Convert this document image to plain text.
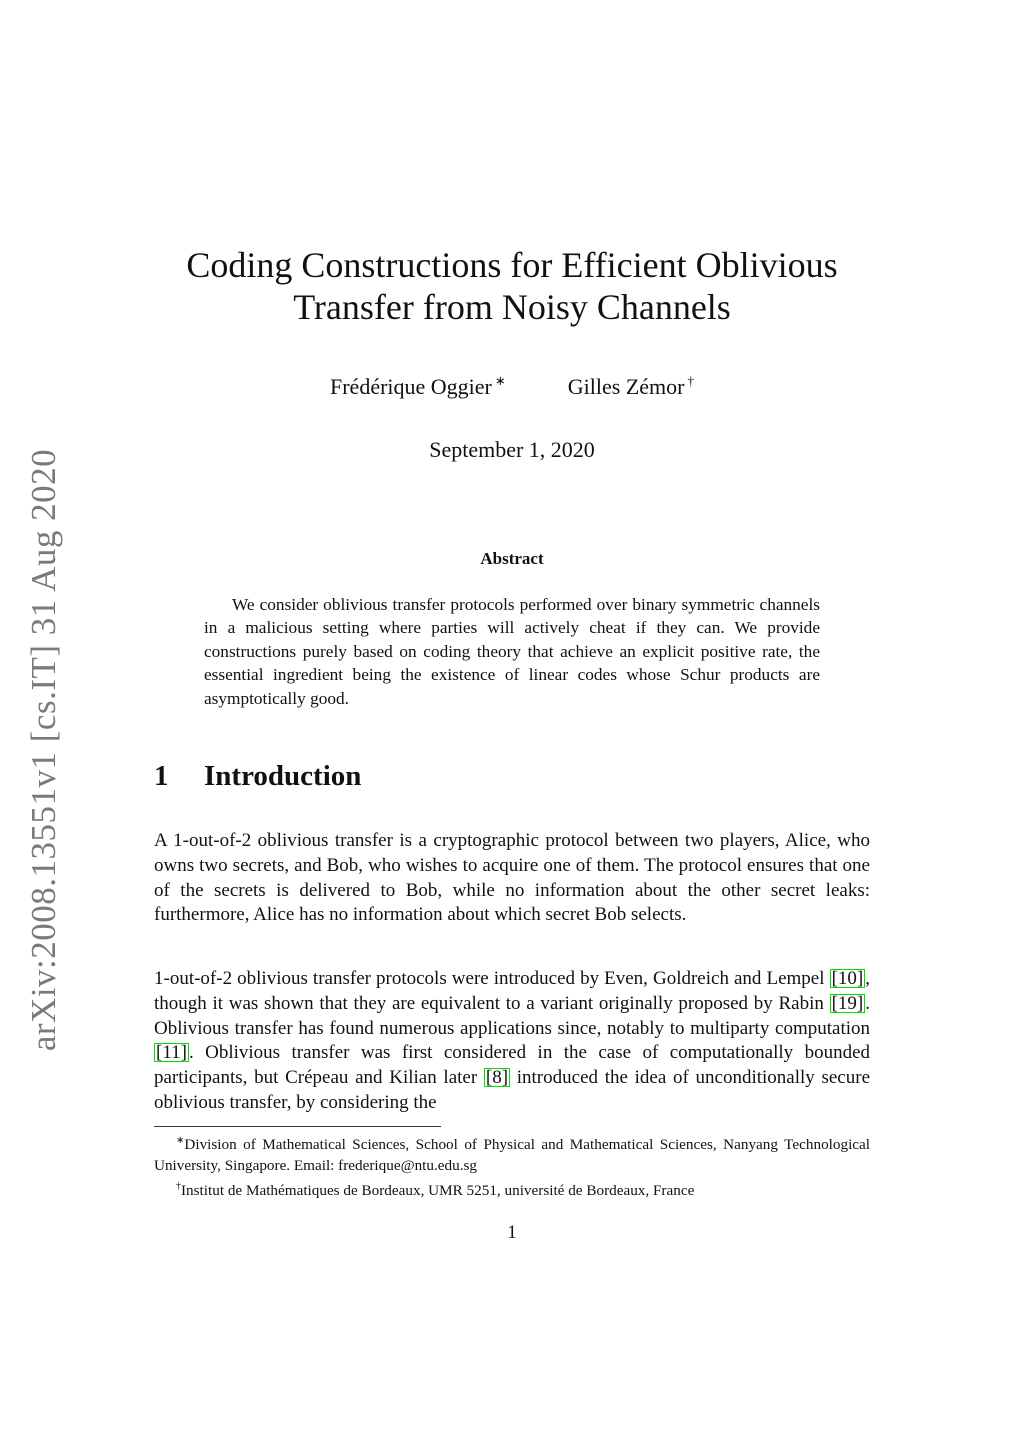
arXiv:2008.13551v1 [cs.IT] 31 Aug 2020
Coding Constructions for Efficient Oblivious
Transfer from Noisy Channels
Frédérique Oggier ∗	Gilles Zémor †
September 1, 2020
Abstract
We consider oblivious transfer protocols performed over binary symmetric channels in a malicious setting where parties will actively cheat if they can. We provide constructions purely based on coding theory that achieve an explicit positive rate, the essential ingredient being the existence of linear codes whose Schur products are asymptotically good.
1 Introduction

A 1-out-of-2 oblivious transfer is a cryptographic protocol between two players, Alice, who owns two secrets, and Bob, who wishes to acquire one of them. The protocol ensures that one of the secrets is delivered to Bob, while no information about the other secret leaks: furthermore, Alice has no information about which secret Bob selects.

1-out-of-2 oblivious transfer protocols were introduced by Even, Goldreich and Lempel [10] , though it was shown that they are equivalent to a variant originally proposed by Rabin [19] . Oblivious transfer has found numerous applications since, notably to multiparty computation [11] . Oblivious transfer was first considered in the case of computationally bounded participants, but Crépeau and Kilian later [8] introduced the idea of unconditionally secure oblivious transfer, by considering the

∗Division of Mathematical Sciences, School of Physical and Mathematical Sciences, Nanyang Technological University, Singapore. Email: frederique@ntu.edu.sg

†Institut de Mathématiques de Bordeaux, UMR 5251, université de Bordeaux, France

1
